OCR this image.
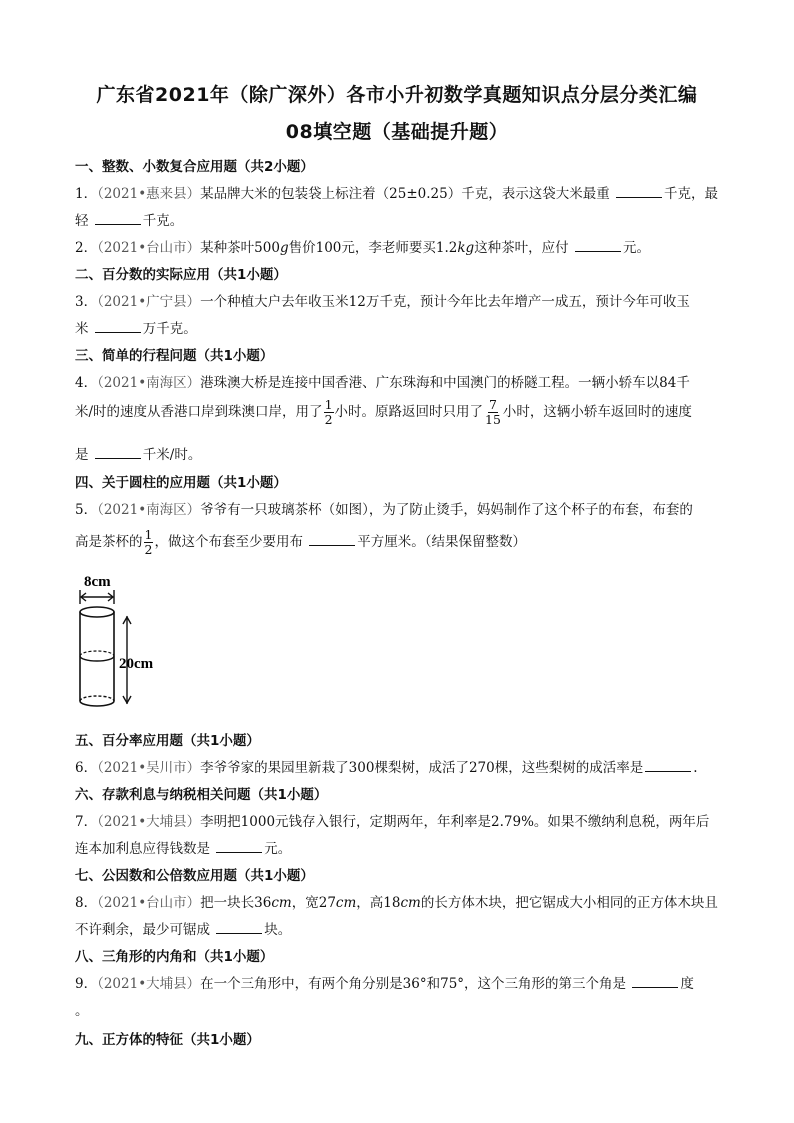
广东省2021年（除广深外）各市小升初数学真题知识点分层分类汇编
08填空题（基础提升题）
一、整数、小数复合应用题（共2小题）
1．（2021•惠来县）某品牌大米的包装袋上标注着（25±0.25）千克，表示这袋大米最重	千克，最
轻	千克。
2．（2021•台山市）某种茶叶500g售价100元，李老师要买1.2kg这种茶叶，应付	元。
二、百分数的实际应用（共1小题）
3．（2021•广宁县）一个种植大户去年收玉米12万千克，预计今年比去年增产一成五，预计今年可收玉
米	万千克。
三、简单的行程问题（共1小题）
4．（2021•南海区）港珠澳大桥是连接中国香港、广东珠海和中国澳门的桥隧工程。一辆小轿车以84千
米/时的速度从香港口岸到珠澳口岸，用了 $\frac{1}{2}$ 小时。原路返回时只用了 $\frac{7}{15}$ 小时，这辆小轿车返回时的速度
是	千米/时。
四、关于圆柱的应用题（共1小题）
5．（2021•南海区）爷爷有一只玻璃茶杯（如图），为了防止烫手，妈妈制作了这个杯子的布套，布套的
高是茶杯的 $\frac{1}{2}$ ，做这个布套至少要用布	平方厘米。（结果保留整数）
8cm
20cm
五、百分率应用题（共1小题）
6．（2021•吴川市）李爷爷家的果园里新栽了300棵梨树，成活了270棵，这些梨树的成活率是	.
六、存款利息与纳税相关问题（共1小题）
7．（2021•大埔县）李明把1000元钱存入银行，定期两年，年利率是2.79%。如果不缴纳利息税，两年后
连本加利息应得钱数是	元。
七、公因数和公倍数应用题（共1小题）
8．（2021•台山市）把一块长36cm，宽27cm，高18cm的长方体木块，把它锯成大小相同的正方体木块且
不许剩余，最少可锯成	块。
八、三角形的内角和（共1小题）
9．（2021•大埔县）在一个三角形中，有两个角分别是36°和75°，这个三角形的第三个角是	度
。
九、正方体的特征（共1小题）
